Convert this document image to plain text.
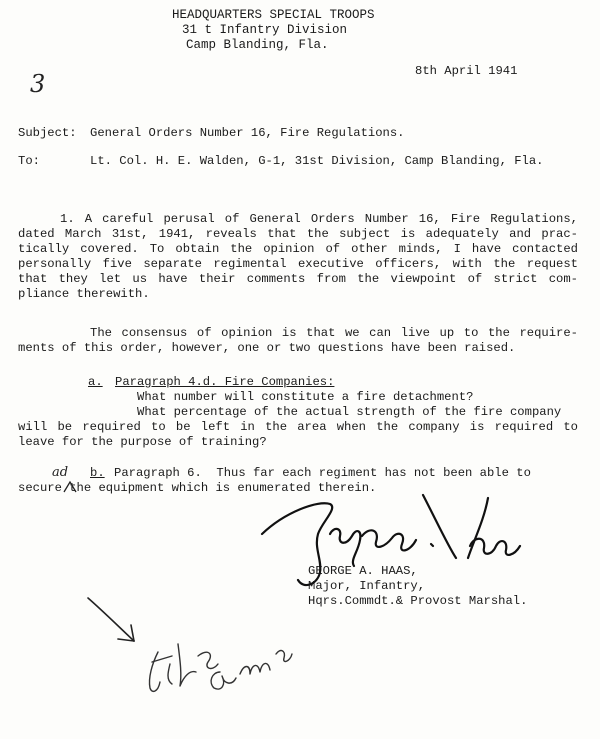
HEADQUARTERS SPECIAL TROOPS
31 t Infantry Division
Camp Blanding, Fla.
3	8th April 1941
Subject: General Orders Number 16, Fire Regulations.
To:	Lt. Col. H. E. Walden, G-1, 31st Division, Camp Blanding, Fla.
1. A careful perusal of General Orders Number 16, Fire Regulations,
dated March 31st, 1941, reveals that the subject is adequately and prac-
tically covered. To obtain the opinion of other minds, I have contacted
personally five separate regimental executive officers, with the request
that they let us have their comments from the viewpoint of strict com-
pliance therewith.
The consensus of opinion is that we can live up to the require-
ments of this order, however, one or two questions have been raised.
a. Paragraph 4.d. Fire Companies:
What number will constitute a fire detachment?
What percentage of the actual strength of the fire company
will be required to be left in the area when the company is required to
leave for the purpose of training?
b. Paragraph 6.  Thus far each regiment has not been able to
secure the equipment which is enumerated therein.
ad
GEORGE A. HAAS,
Major, Infantry,
Hqrs.Commdt.& Provost Marshal.
